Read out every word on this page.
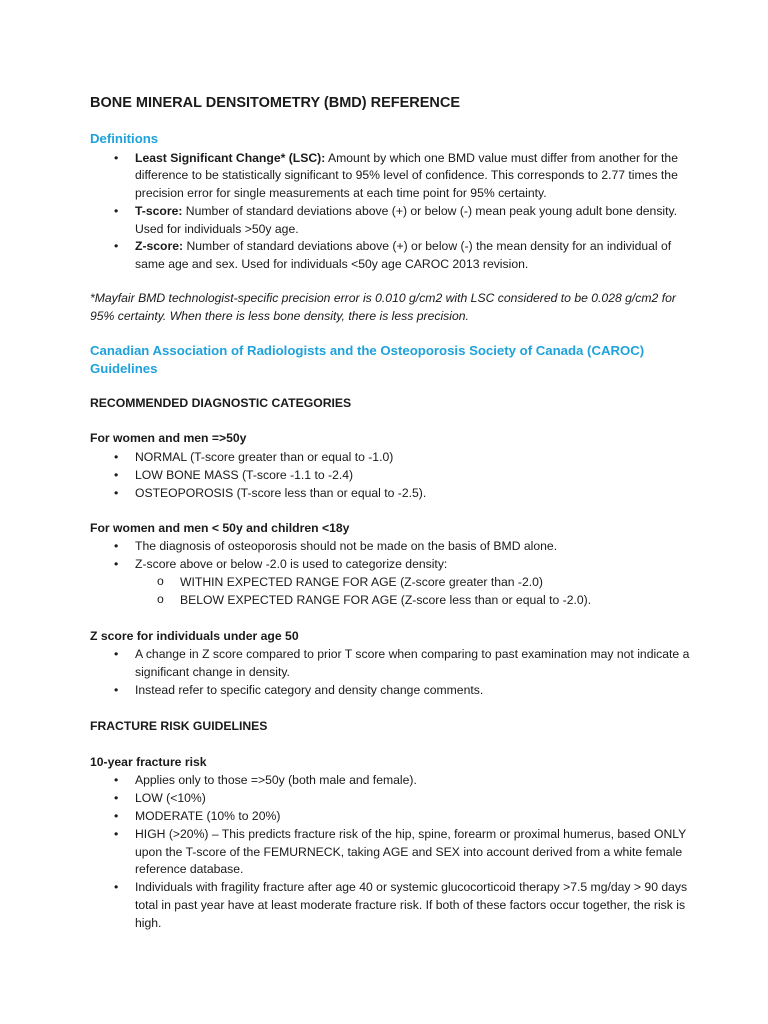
BONE MINERAL DENSITOMETRY (BMD) REFERENCE
Definitions
• Least Significant Change* (LSC): Amount by which one BMD value must differ from another for the difference to be statistically significant to 95% level of confidence. This corresponds to 2.77 times the precision error for single measurements at each time point for 95% certainty.
• T-score: Number of standard deviations above (+) or below (-) mean peak young adult bone density. Used for individuals >50y age.
• Z-score: Number of standard deviations above (+) or below (-) the mean density for an individual of same age and sex. Used for individuals <50y age CAROC 2013 revision.
*Mayfair BMD technologist-specific precision error is 0.010 g/cm2 with LSC considered to be 0.028 g/cm2 for 95% certainty. When there is less bone density, there is less precision.
Canadian Association of Radiologists and the Osteoporosis Society of Canada (CAROC) Guidelines
RECOMMENDED DIAGNOSTIC CATEGORIES
For women and men =>50y
• NORMAL (T-score greater than or equal to -1.0)
• LOW BONE MASS (T-score -1.1 to -2.4)
• OSTEOPOROSIS (T-score less than or equal to -2.5).
For women and men < 50y and children <18y
• The diagnosis of osteoporosis should not be made on the basis of BMD alone.
• Z-score above or below -2.0 is used to categorize density:
o WITHIN EXPECTED RANGE FOR AGE (Z-score greater than -2.0)
o BELOW EXPECTED RANGE FOR AGE (Z-score less than or equal to -2.0).
Z score for individuals under age 50
• A change in Z score compared to prior T score when comparing to past examination may not indicate a significant change in density.
• Instead refer to specific category and density change comments.
FRACTURE RISK GUIDELINES
10-year fracture risk
• Applies only to those =>50y (both male and female).
• LOW (<10%)
• MODERATE (10% to 20%)
• HIGH (>20%) – This predicts fracture risk of the hip, spine, forearm or proximal humerus, based ONLY upon the T-score of the FEMURNECK, taking AGE and SEX into account derived from a white female reference database.
• Individuals with fragility fracture after age 40 or systemic glucocorticoid therapy >7.5 mg/day > 90 days total in past year have at least moderate fracture risk. If both of these factors occur together, the risk is high.
